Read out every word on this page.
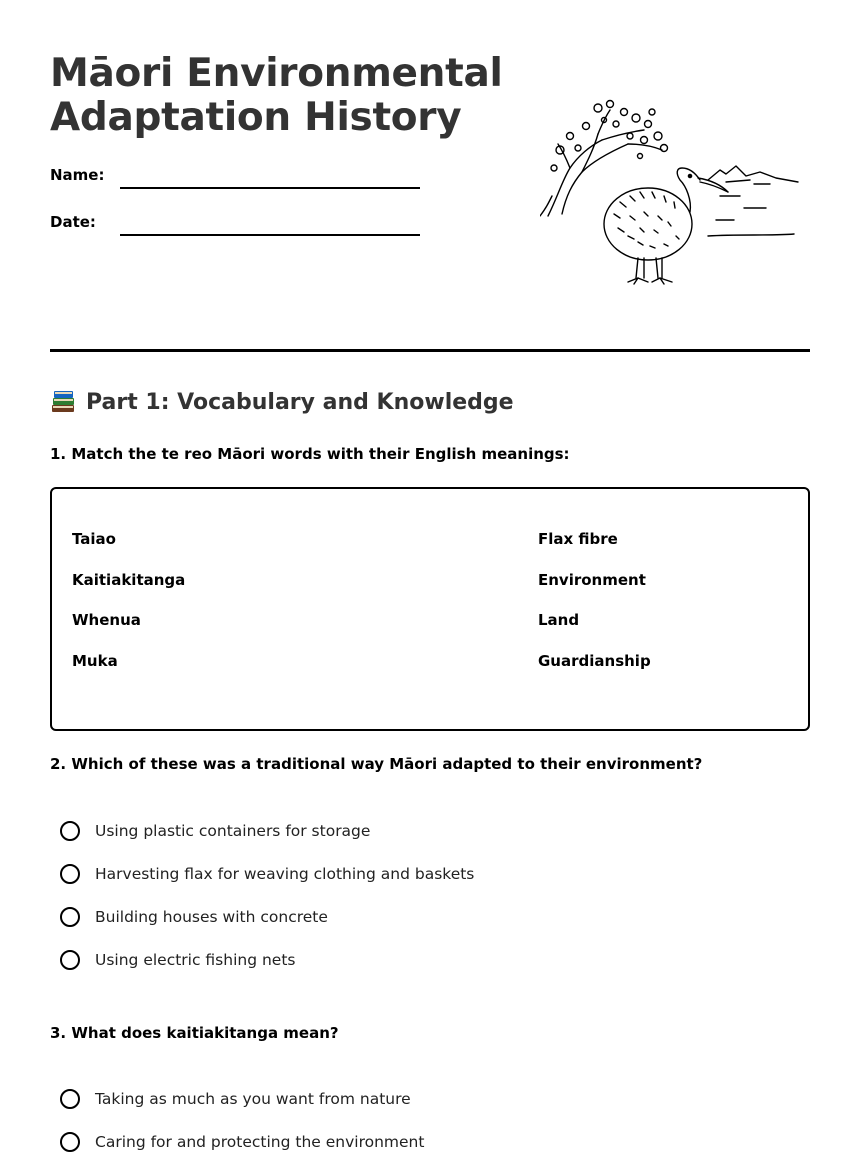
Māori Environmental
Adaptation History
Name:
Date:
Part 1: Vocabulary and Knowledge
1. Match the te reo Māori words with their English meanings:
Taiao
Kaitiakitanga
Whenua
Muka
Flax fibre
Environment
Land
Guardianship
2. Which of these was a traditional way Māori adapted to their environment?
Using plastic containers for storage
Harvesting flax for weaving clothing and baskets
Building houses with concrete
Using electric fishing nets
3. What does kaitiakitanga mean?
Taking as much as you want from nature
Caring for and protecting the environment
